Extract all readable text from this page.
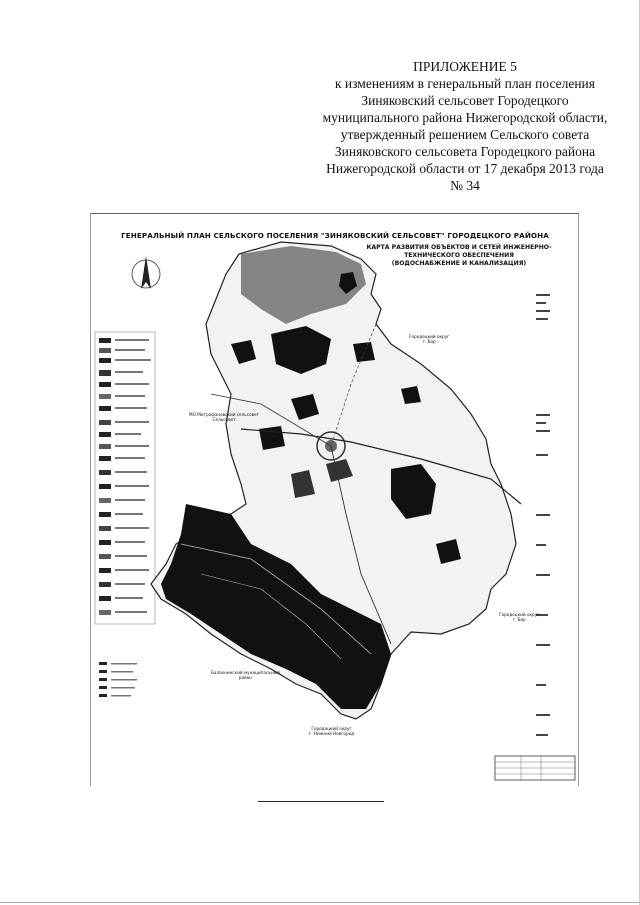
ПРИЛОЖЕНИЕ 5
к изменениям в генеральный план поселения
Зиняковский сельсовет Городецкого
муниципального района Нижегородской области,
утвержденный решением Сельского совета
Зиняковского сельсовета Городецкого района
Нижегородской области от 17 декабря 2013 года
№ 34
ГЕНЕРАЛЬНЫЙ ПЛАН СЕЛЬСКОГО ПОСЕЛЕНИЯ "ЗИНЯКОВСКИЙ СЕЛЬСОВЕТ" ГОРОДЕЦКОГО РАЙОНА
КАРТА РАЗВИТИЯ ОБЪЕКТОВ И СЕТЕЙ ИНЖЕНЕРНО-
ТЕХНИЧЕСКОГО ОБЕСПЕЧЕНИЯ
(ВОДОСНАБЖЕНИЕ И КАНАЛИЗАЦИЯ)
Городецкий округ
г. Бор
МО Митрофановский сельсовет
Сельсовет
Городецкий округ
г. Бор
Балахнинский муниципальный
район
Городецкий округ
г. Нижний Новгород
